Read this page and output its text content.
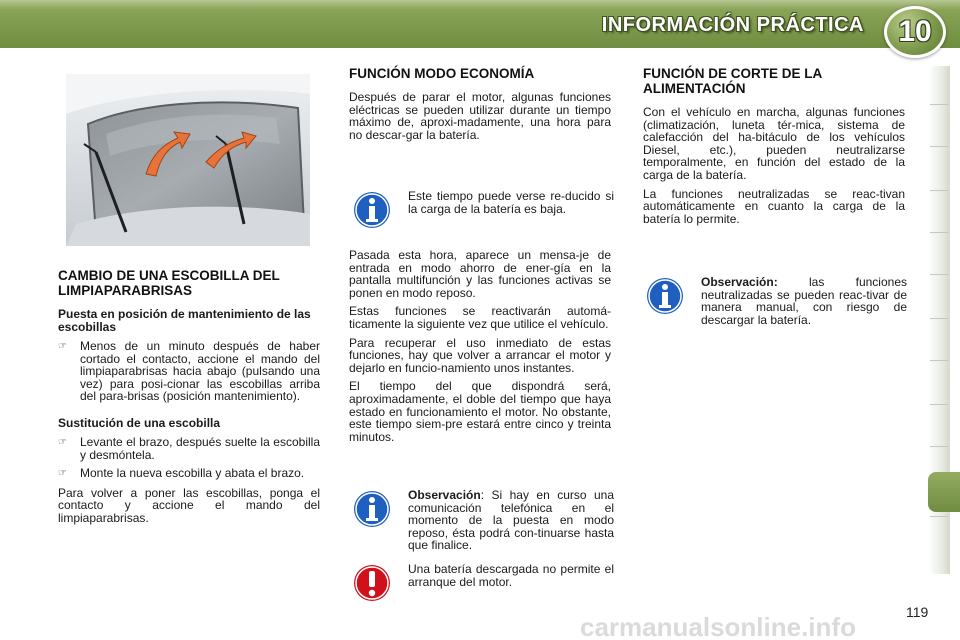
INFORMACIÓN PRÁCTICA 10
CAMBIO DE UNA ESCOBILLA DEL LIMPIAPARABRISAS
Puesta en posición de mantenimiento de las escobillas
☞	Menos de un minuto después de haber cortado el contacto, accione el mando del limpiaparabrisas hacia abajo (pulsando una vez) para posi-cionar las escobillas arriba del para-brisas (posición mantenimiento).
Sustitución de una escobilla
☞	Levante el brazo, después suelte la escobilla y desmóntela.
☞	Monte la nueva escobilla y abata el brazo.

Para volver a poner las escobillas, ponga el contacto y accione el mando del limpiaparabrisas.

FUNCIÓN MODO ECONOMÍA

Después de parar el motor, algunas funciones eléctricas se pueden utilizar durante un tiempo máximo de, aproxi-madamente, una hora para no descar-gar la batería.

Este tiempo puede verse re-ducido si la carga de la batería es baja.

Pasada esta hora, aparece un mensa-je de entrada en modo ahorro de ener-gía en la pantalla multifunción y las funciones activas se ponen en modo reposo.

Estas funciones se reactivarán automá-ticamente la siguiente vez que utilice el vehículo.

Para recuperar el uso inmediato de estas funciones, hay que volver a arrancar el motor y dejarlo en funcio-namiento unos instantes.

El tiempo del que dispondrá será, aproximadamente, el doble del tiempo que haya estado en funcionamiento el motor. No obstante, este tiempo siem-pre estará entre cinco y treinta minutos.

Observación: Si hay en curso una comunicación telefónica en el momento de la puesta en modo reposo, ésta podrá con-tinuarse hasta que finalice.
Una batería descargada no permite el arranque del motor.
FUNCIÓN DE CORTE DE LA ALIMENTACIÓN

Con el vehículo en marcha, algunas funciones (climatización, luneta tér-mica, sistema de calefacción del ha-bitáculo de los vehículos Diesel, etc.), pueden neutralizarse temporalmente, en función del estado de la carga de la batería.

La funciones neutralizadas se reac-tivan automáticamente en cuanto la carga de la batería lo permite.

Observación: las funciones neutralizadas se pueden reac-tivar de manera manual, con riesgo de descargar la batería.
119
carmanualsonline.info
